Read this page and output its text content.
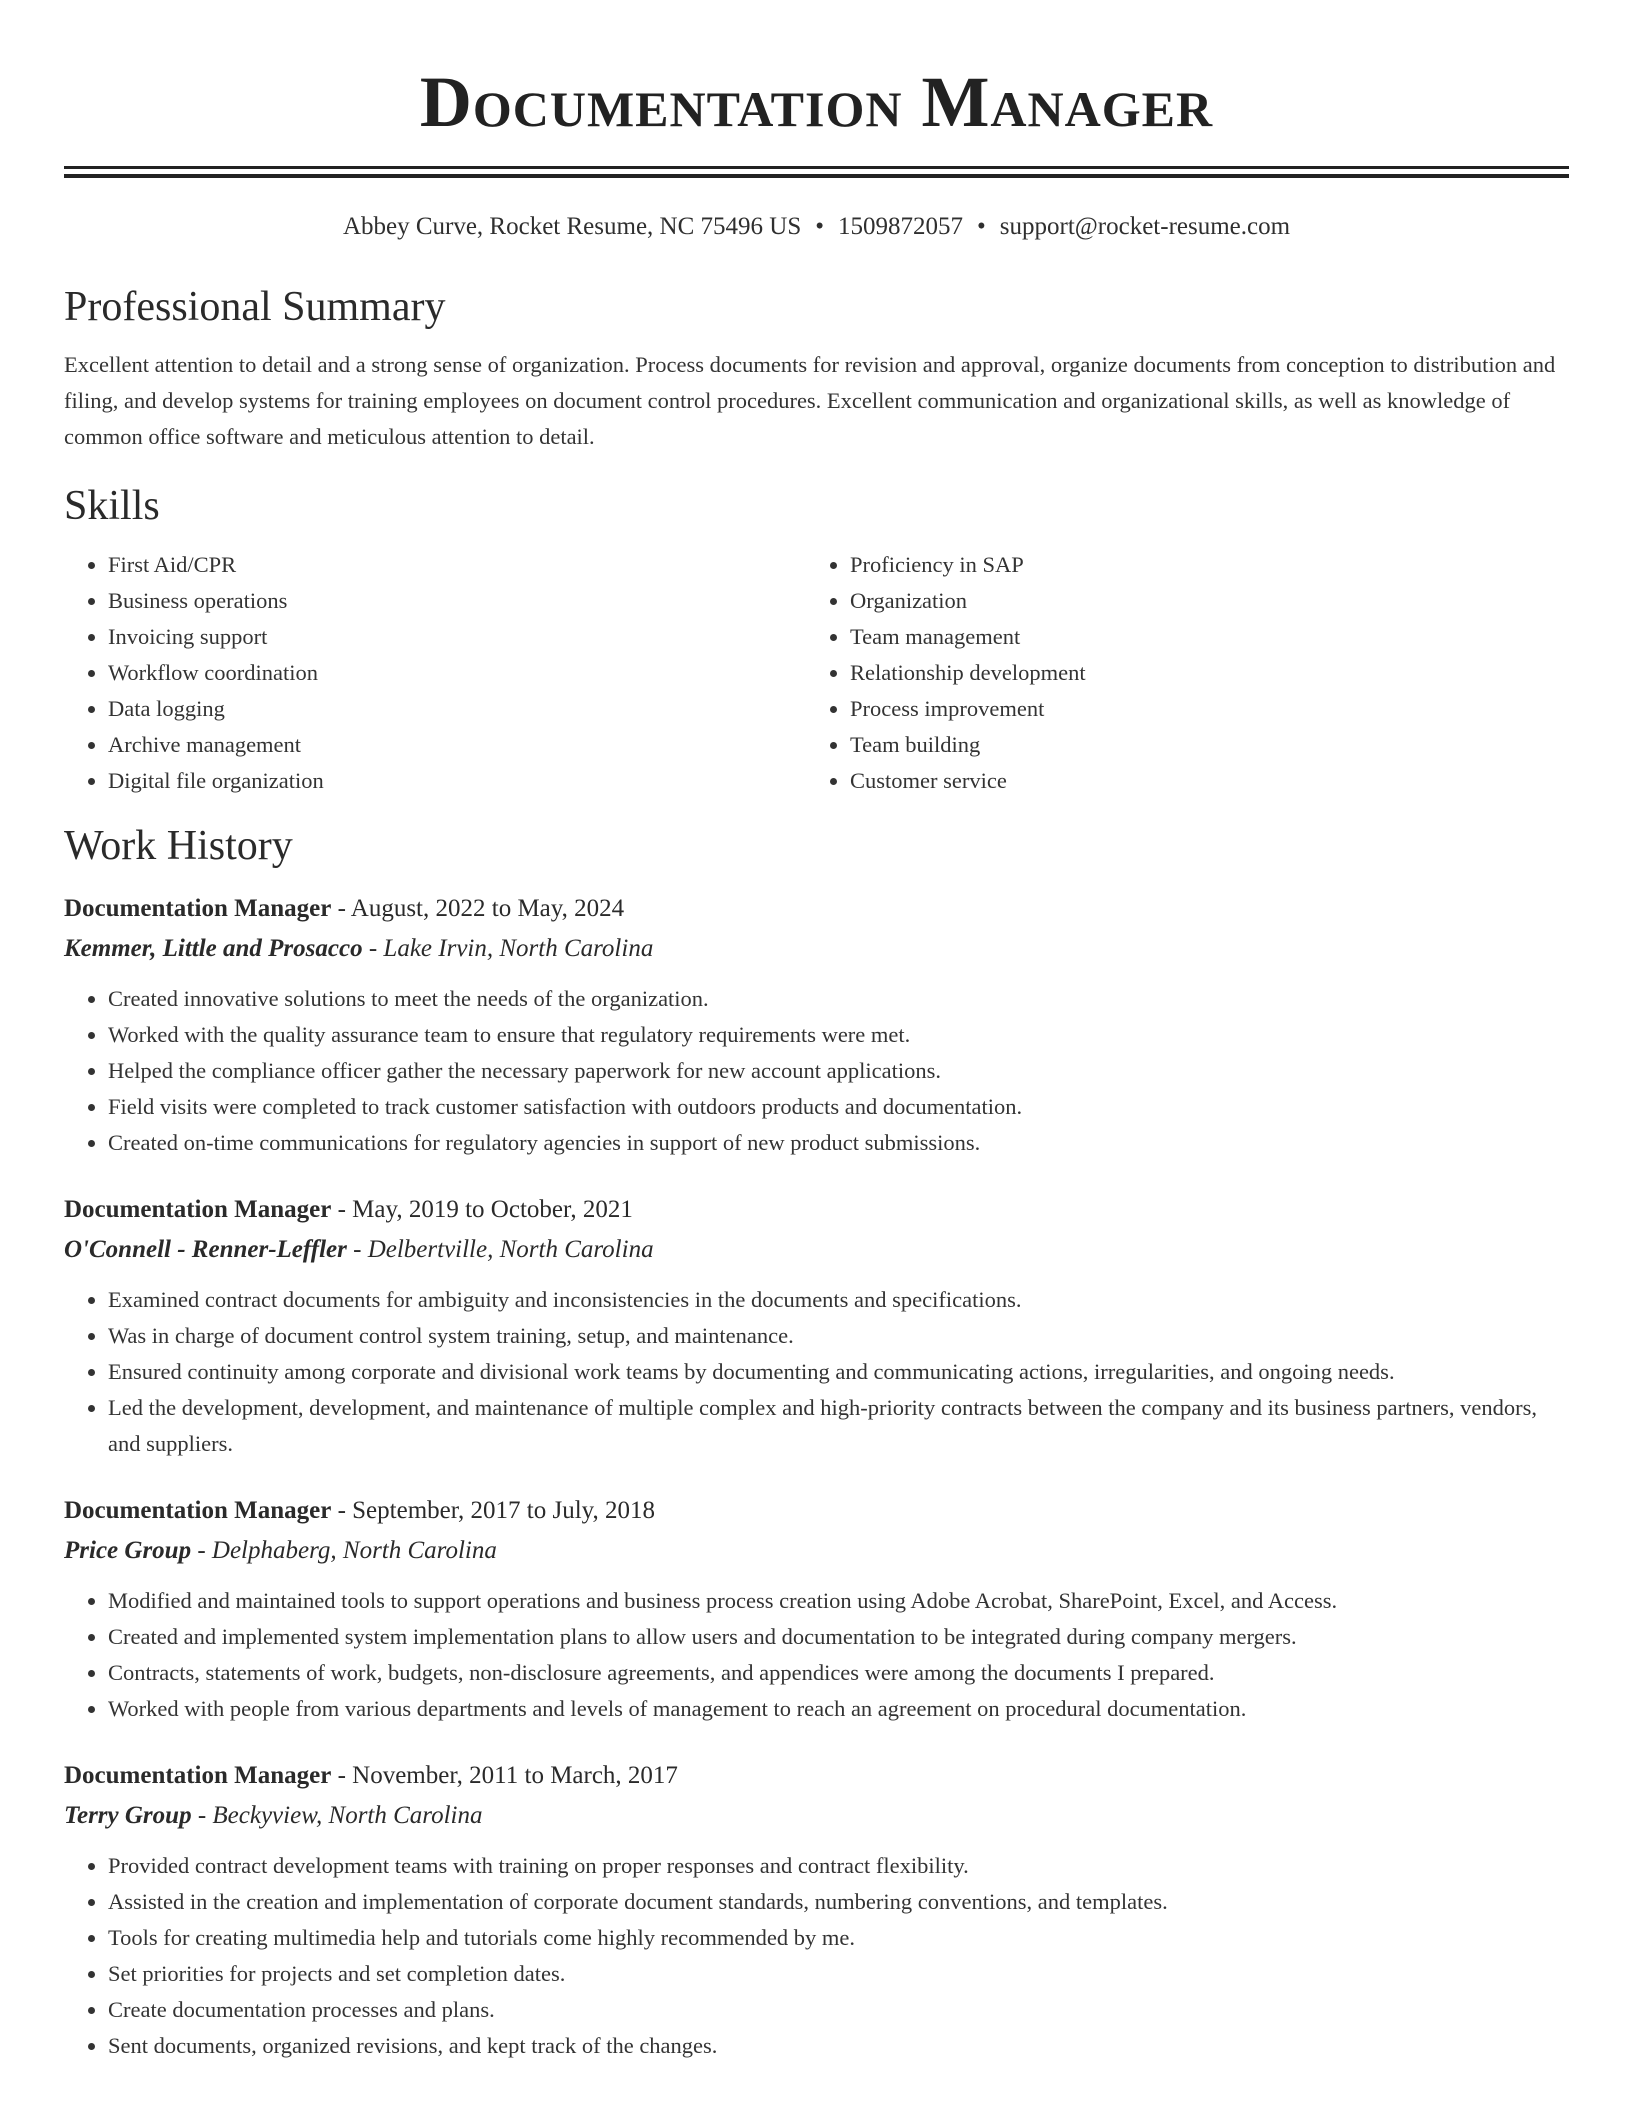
Documentation Manager
Abbey Curve, Rocket Resume, NC 75496 US • 1509872057 • support@rocket-resume.com
Professional Summary
Excellent attention to detail and a strong sense of organization. Process documents for revision and approval, organize documents from conception to distribution and filing, and develop systems for training employees on document control procedures. Excellent communication and organizational skills, as well as knowledge of common office software and meticulous attention to detail.
Skills
• First Aid/CPR
• Business operations
• Invoicing support
• Workflow coordination
• Data logging
• Archive management
• Digital file organization
• Proficiency in SAP
• Organization
• Team management
• Relationship development
• Process improvement
• Team building
• Customer service
Work History
Documentation Manager - August, 2022 to May, 2024
Kemmer, Little and Prosacco - Lake Irvin, North Carolina
• Created innovative solutions to meet the needs of the organization.
• Worked with the quality assurance team to ensure that regulatory requirements were met.
• Helped the compliance officer gather the necessary paperwork for new account applications.
• Field visits were completed to track customer satisfaction with outdoors products and documentation.
• Created on-time communications for regulatory agencies in support of new product submissions.
Documentation Manager - May, 2019 to October, 2021
O'Connell - Renner-Leffler - Delbertville, North Carolina
• Examined contract documents for ambiguity and inconsistencies in the documents and specifications.
• Was in charge of document control system training, setup, and maintenance.
• Ensured continuity among corporate and divisional work teams by documenting and communicating actions, irregularities, and ongoing needs.
• Led the development, development, and maintenance of multiple complex and high-priority contracts between the company and its business partners, vendors, and suppliers.
Documentation Manager - September, 2017 to July, 2018
Price Group - Delphaberg, North Carolina
• Modified and maintained tools to support operations and business process creation using Adobe Acrobat, SharePoint, Excel, and Access.
• Created and implemented system implementation plans to allow users and documentation to be integrated during company mergers.
• Contracts, statements of work, budgets, non-disclosure agreements, and appendices were among the documents I prepared.
• Worked with people from various departments and levels of management to reach an agreement on procedural documentation.
Documentation Manager - November, 2011 to March, 2017
Terry Group - Beckyview, North Carolina
• Provided contract development teams with training on proper responses and contract flexibility.
• Assisted in the creation and implementation of corporate document standards, numbering conventions, and templates.
• Tools for creating multimedia help and tutorials come highly recommended by me.
• Set priorities for projects and set completion dates.
• Create documentation processes and plans.
• Sent documents, organized revisions, and kept track of the changes.
